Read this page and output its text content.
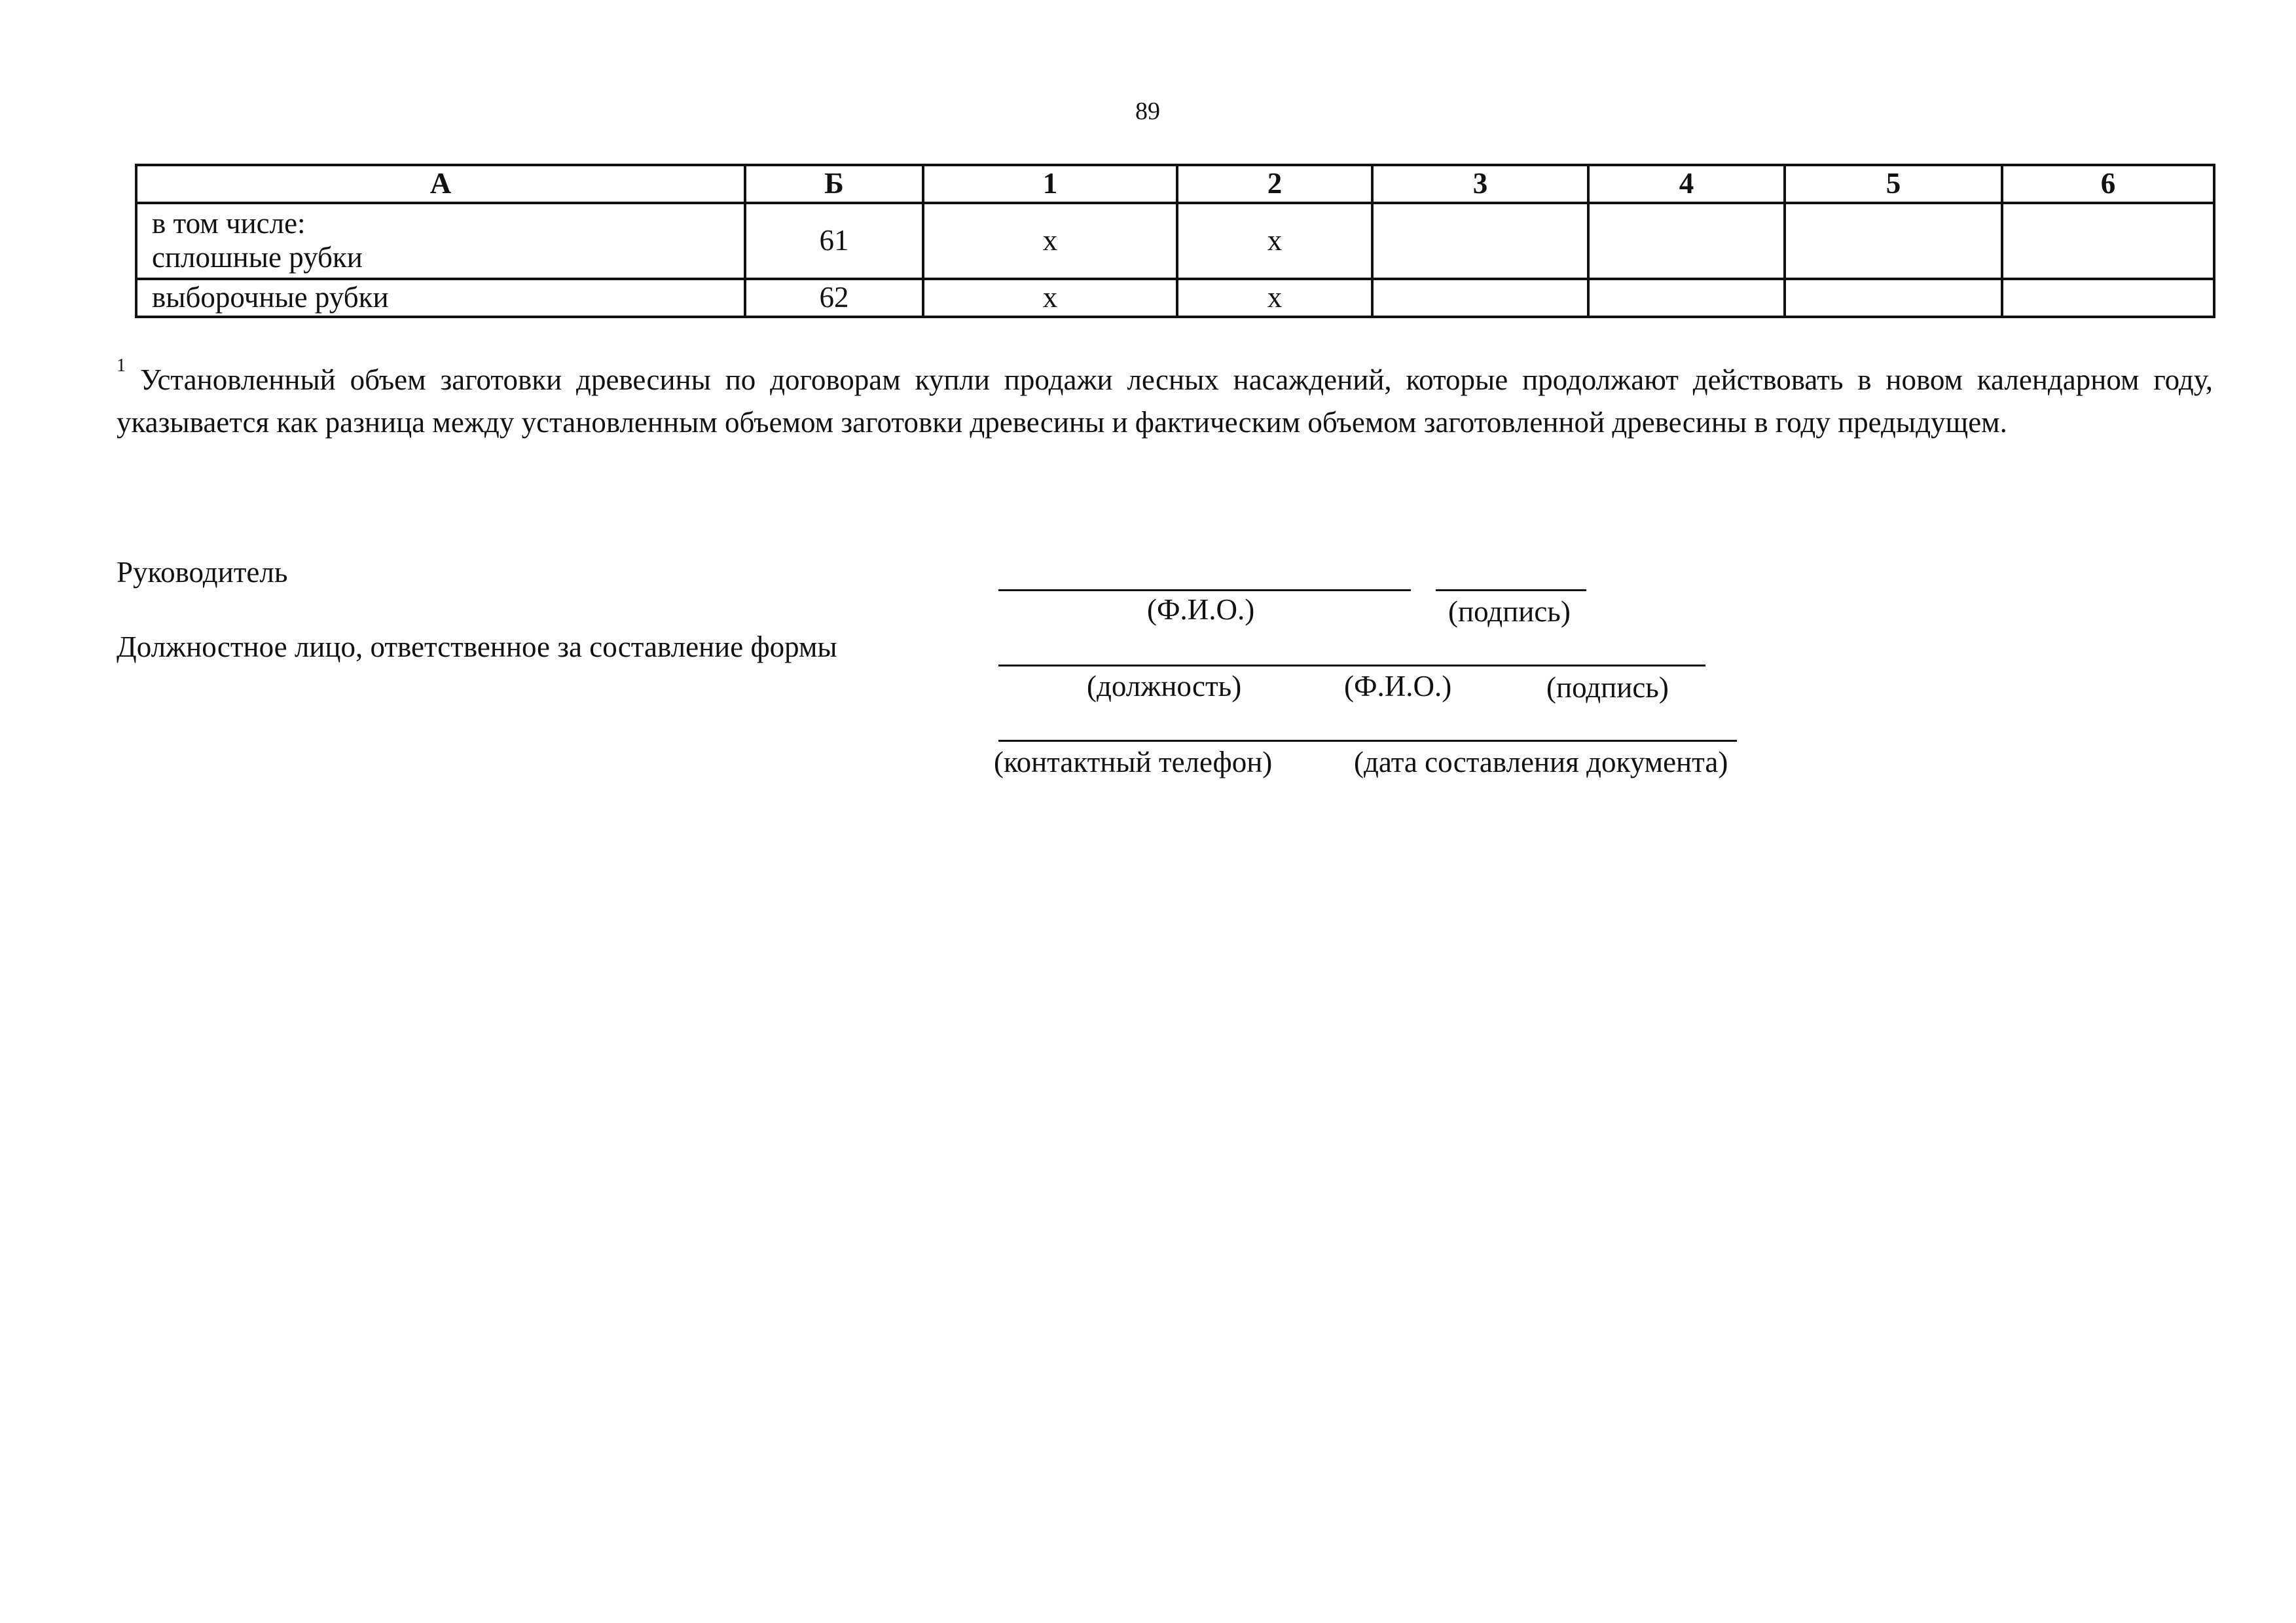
89
А	Б	1	2	3	4	5	6

в том числе:
сплошные рубки	61	х	х				
выборочные рубки	62	х	х				
$^1$ Установленный объем заготовки древесины по договорам купли продажи лесных насаждений, которые продолжают действовать в новом календарном году, указывается как разница между установленным объемом заготовки древесины и фактическим объемом заготовленной древесины в году предыдущем.
Руководитель
(Ф.И.О.)	(подпись)
Должностное лицо, ответственное за составление формы
(должность)	(Ф.И.О.)	(подпись)
(контактный телефон)	(дата составления документа)
